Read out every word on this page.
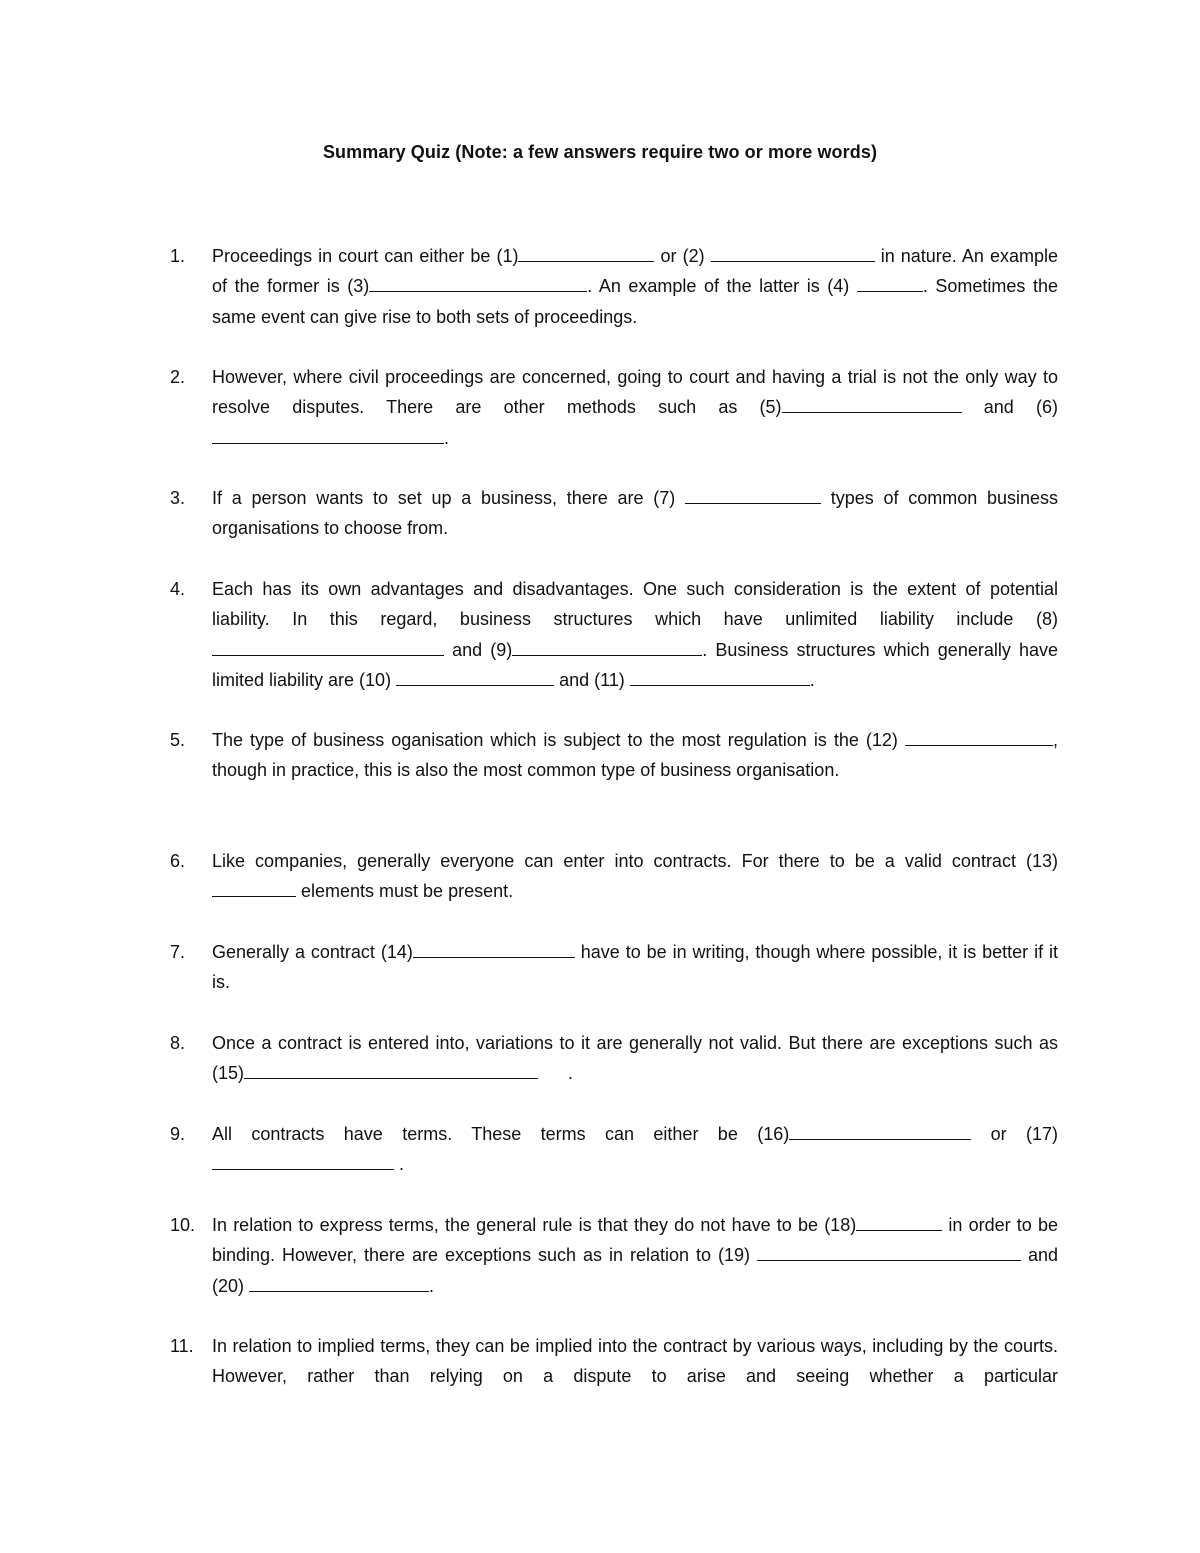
Summary Quiz (Note: a few answers require two or more words)
1.	Proceedings in court can either be (1)	or (2)	in nature. An example of the former is (3)	. An example of the latter is (4)	. Sometimes the same event can give rise to both sets of proceedings.
2.	However, where civil proceedings are concerned, going to court and having a trial is not the only way to resolve disputes. There are other methods such as (5)	and (6).
3.	If a person wants to set up a business, there are (7)	types of common business organisations to choose from.
4.	Each has its own advantages and disadvantages. One such consideration is the extent of potential liability. In this regard, business structures which have unlimited liability include (8) and (9)	. Business structures which generally have limited liability are (10)	and (11)	.
5.	The type of business oganisation which is subject to the most regulation is the (12)	, though in practice, this is also the most common type of business organisation.
6.	Like companies, generally everyone can enter into contracts. For there to be a valid contract (13)  elements must be present.
7.	Generally a contract (14)	have to be in writing, though where possible, it is better if it is.
8.	Once a contract is entered into, variations to it are generally not valid. But there are exceptions such as (15)	.
9.	All contracts have terms. These terms can either be (16)	or (17) .
10. In relation to express terms, the general rule is that they do not have to be (18)	in order to be binding. However, there are exceptions such as in relation to (19)	and (20)	.
11.	In relation to implied terms, they can be implied into the contract by various ways, including by the courts. However, rather than relying on a dispute to arise and seeing whether a particular
